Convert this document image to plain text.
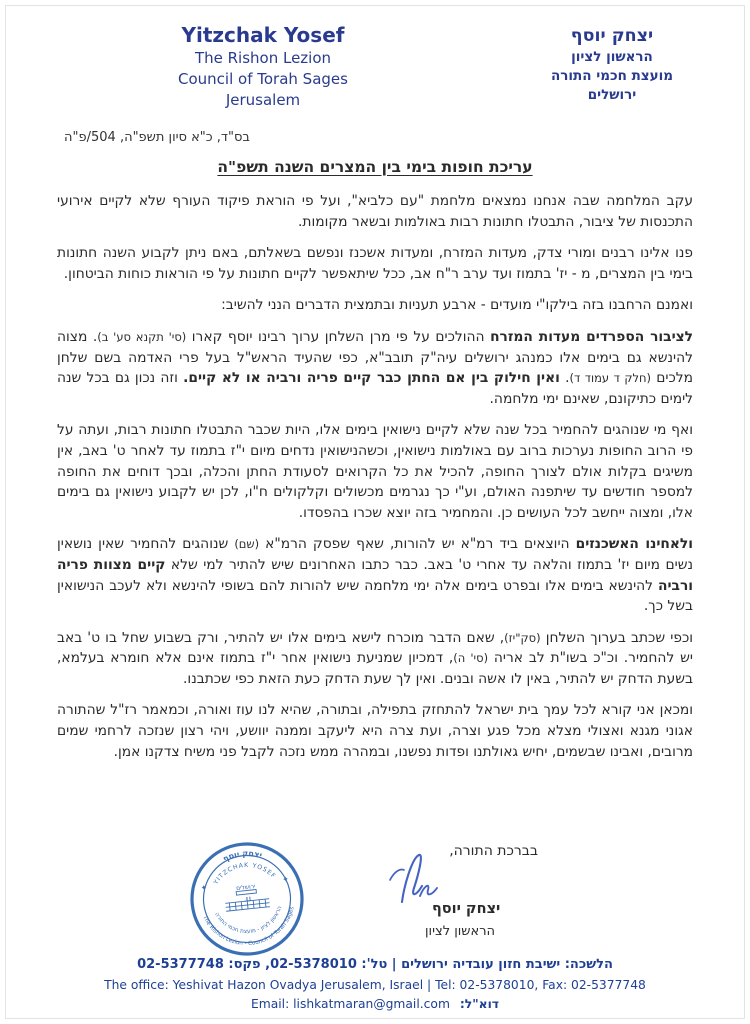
Yitzchak Yosef
The Rishon Lezion
Council of Torah Sages
Jerusalem
יצחק יוסף
הראשון לציון
מועצת חכמי התורה
ירושלים
בס"ד, כ"א סיון תשפ"ה, 504/פ"ה
עריכת חופות בימי בין המצרים השנה תשפ"ה

עקב המלחמה שבה אנחנו נמצאים מלחמת "עם כלביא", ועל פי הוראת פיקוד העורף שלא לקיים אירועי התכנסות של ציבור, התבטלו חתונות רבות באולמות ובשאר מקומות.

פנו אלינו רבנים ומורי צדק, מעדות המזרח, ומעדות אשכנז ונפשם בשאלתם, באם ניתן לקבוע השנה חתונות בימי בין המצרים, מ - יז' בתמוז ועד ערב ר"ח אב, ככל שיתאפשר לקיים חתונות על פי הוראות כוחות הביטחון.

ואמנם הרחבנו בזה בילקו"י מועדים - ארבע תעניות ובתמצית הדברים הנני להשיב:

לציבור הספרדים מעדות המזרח ההולכים על פי מרן השלחן ערוך רבינו יוסף קארו (סי' תקנא סע' ב). מצוה להינשא גם בימים אלו כמנהג ירושלים עיה"ק תובב"א, כפי שהעיד הראש"ל בעל פרי האדמה בשם שלחן מלכים (חלק ד עמוד ד). ואין חילוק בין אם החתן כבר קיים פריה ורביה או לא קיים. וזה נכון גם בכל שנה לימים כתיקונם, שאינם ימי מלחמה.

ואף מי שנוהגים להחמיר בכל שנה שלא לקיים נישואין בימים אלו, היות שכבר התבטלו חתונות רבות, ועתה על פי הרוב החופות נערכות ברוב עם באולמות נישואין, וכשהנישואין נדחים מיום י"ז בתמוז עד לאחר ט' באב, אין משיגים בקלות אולם לצורך החופה, להכיל את כל הקרואים לסעודת החתן והכלה, ובכך דוחים את החופה למספר חודשים עד שיתפנה האולם, וע"י כך נגרמים מכשולים וקלקולים ח"ו, לכן יש לקבוע נישואין גם בימים אלו, ומצוה ייחשב לכל העושים כן. והמחמיר בזה יוצא שכרו בהפסדו.

ולאחינו האשכנזים היוצאים ביד רמ"א יש להורות, שאף שפסק הרמ"א (שם) שנוהגים להחמיר שאין נושאין נשים מיום יז' בתמוז והלאה עד אחרי ט' באב. כבר כתבו האחרונים שיש להתיר למי שלא קיים מצוות פריה ורביה להינשא בימים אלו ובפרט בימים אלה ימי מלחמה שיש להורות להם בשופי להינשא ולא לעכב הנישואין בשל כך.

וכפי שכתב בערוך השלחן (סק"יז), שאם הדבר מוכרח לישא בימים אלו יש להתיר, ורק בשבוע שחל בו ט' באב יש להחמיר. וכ"כ בשו"ת לב אריה (סי' ה), דמכיון שמניעת נישואין אחר י"ז בתמוז אינם אלא חומרא בעלמא, בשעת הדחק יש להתיר, באין לו אשה ובנים. ואין לך שעת הדחק כעת הזאת כפי שכתבנו.

ומכאן אני קורא לכל עמך בית ישראל להתחזק בתפילה, ובתורה, שהיא לנו עוז ואורה, וכמאמר רז"ל שהתורה אגוני מגנא ואצולי מצלא מכל פגע וצרה, ועת צרה היא ליעקב וממנה יוושע, ויהי רצון שנזכה לרחמי שמים מרובים, ואבינו שבשמים, יחיש גאולתנו ופדות נפשנו, ובמהרה ממש נזכה לקבל פני משיח צדקנו אמן.

יצחק יוסף
YITZCHAK YOSEF
The Rishon Lezion - Council of Torah Sages
הראשון לציון - מועצת חכמי התורה
✦
✦
ירושלים
בברכת התורה,
יצחק יוסף
הראשון לציון
הלשכה: ישיבת חזון עובדיה ירושלים | טל': 02-5378010, פקס: 02-5377748
The office: Yeshivat Hazon Ovadya Jerusalem, Israel | Tel: 02-5378010, Fax: 02-5377748
דוא"ל: Email: lishkatmaran@gmail.com
